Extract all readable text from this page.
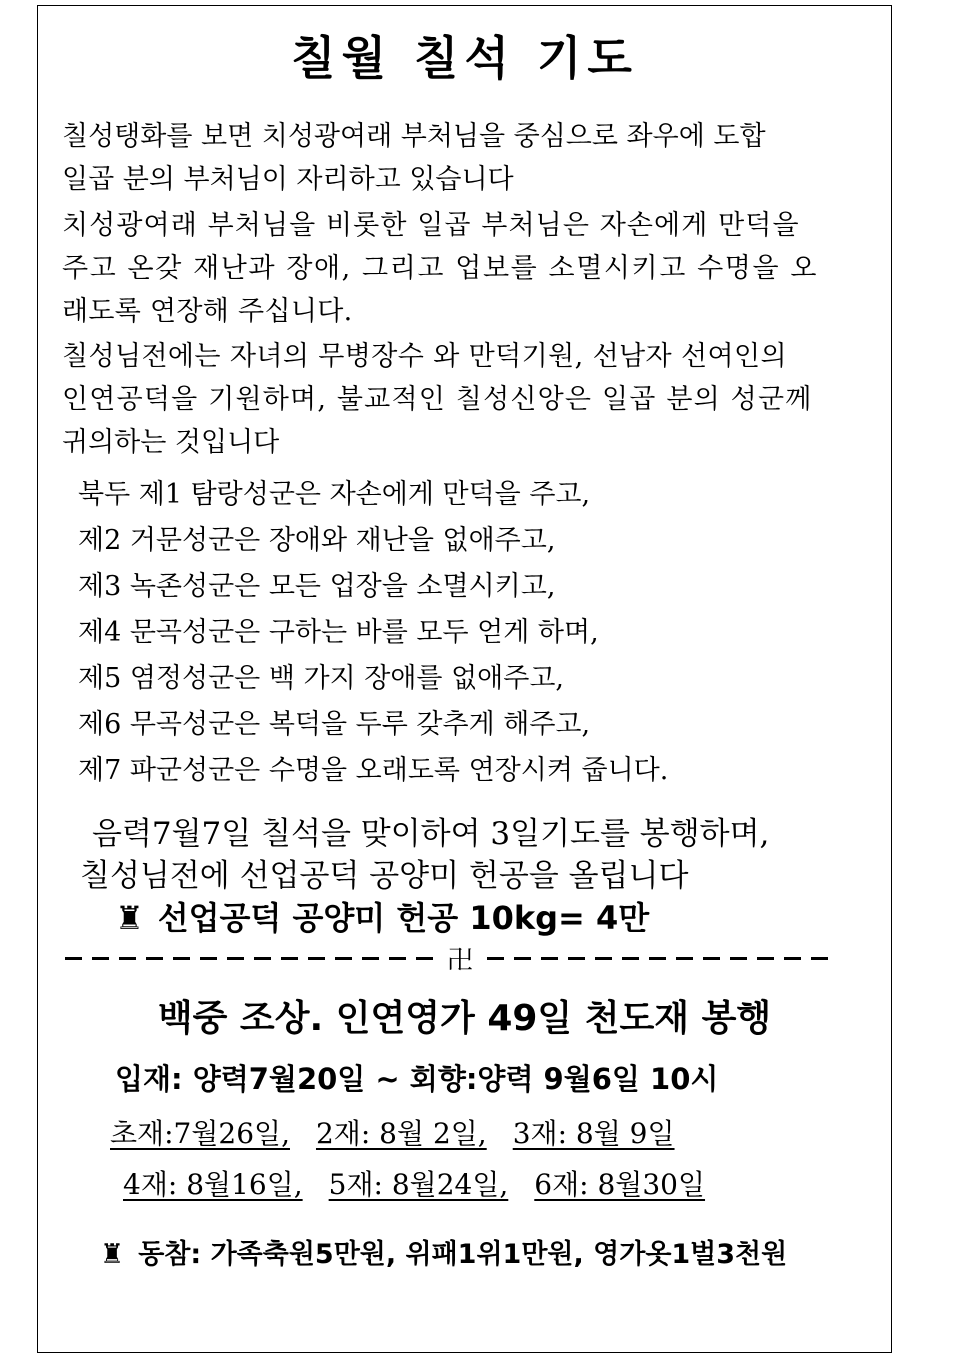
칠월 칠석 기도
칠성탱화를 보면 치성광여래 부처님을 중심으로 좌우에 도합
일곱 분의 부처님이 자리하고 있습니다
치성광여래 부처님을 비롯한 일곱 부처님은 자손에게 만덕을
주고 온갖 재난과 장애, 그리고 업보를 소멸시키고 수명을 오
래도록 연장해 주십니다.
칠성님전에는 자녀의 무병장수 와 만덕기원, 선남자 선여인의
인연공덕을 기원하며, 불교적인 칠성신앙은 일곱 분의 성군께
귀의하는 것입니다
북두 제1 탐랑성군은 자손에게 만덕을 주고,
제2 거문성군은 장애와 재난을 없애주고,
제3 녹존성군은 모든 업장을 소멸시키고,
제4 문곡성군은 구하는 바를 모두 얻게 하며,
제5 염정성군은 백 가지 장애를 없애주고,
제6 무곡성군은 복덕을 두루 갖추게 해주고,
제7 파군성군은 수명을 오래도록 연장시켜 줍니다.
음력7월7일 칠석을 맞이하여 3일기도를 봉행하며,
칠성님전에 선업공덕 공양미 헌공을 올립니다
♜ 선업공덕 공양미 헌공 10kg= 4만
卍
백중 조상. 인연영가 49일 천도재 봉행
입재: 양력7월20일 ~ 회향:양력 9월6일 10시
초재:7월26일, 2재: 8월 2일, 3재: 8월 9일
4재: 8월16일, 5재: 8월24일, 6재: 8월30일
♜ 동참: 가족축원5만원, 위패1위1만원, 영가옷1벌3천원
